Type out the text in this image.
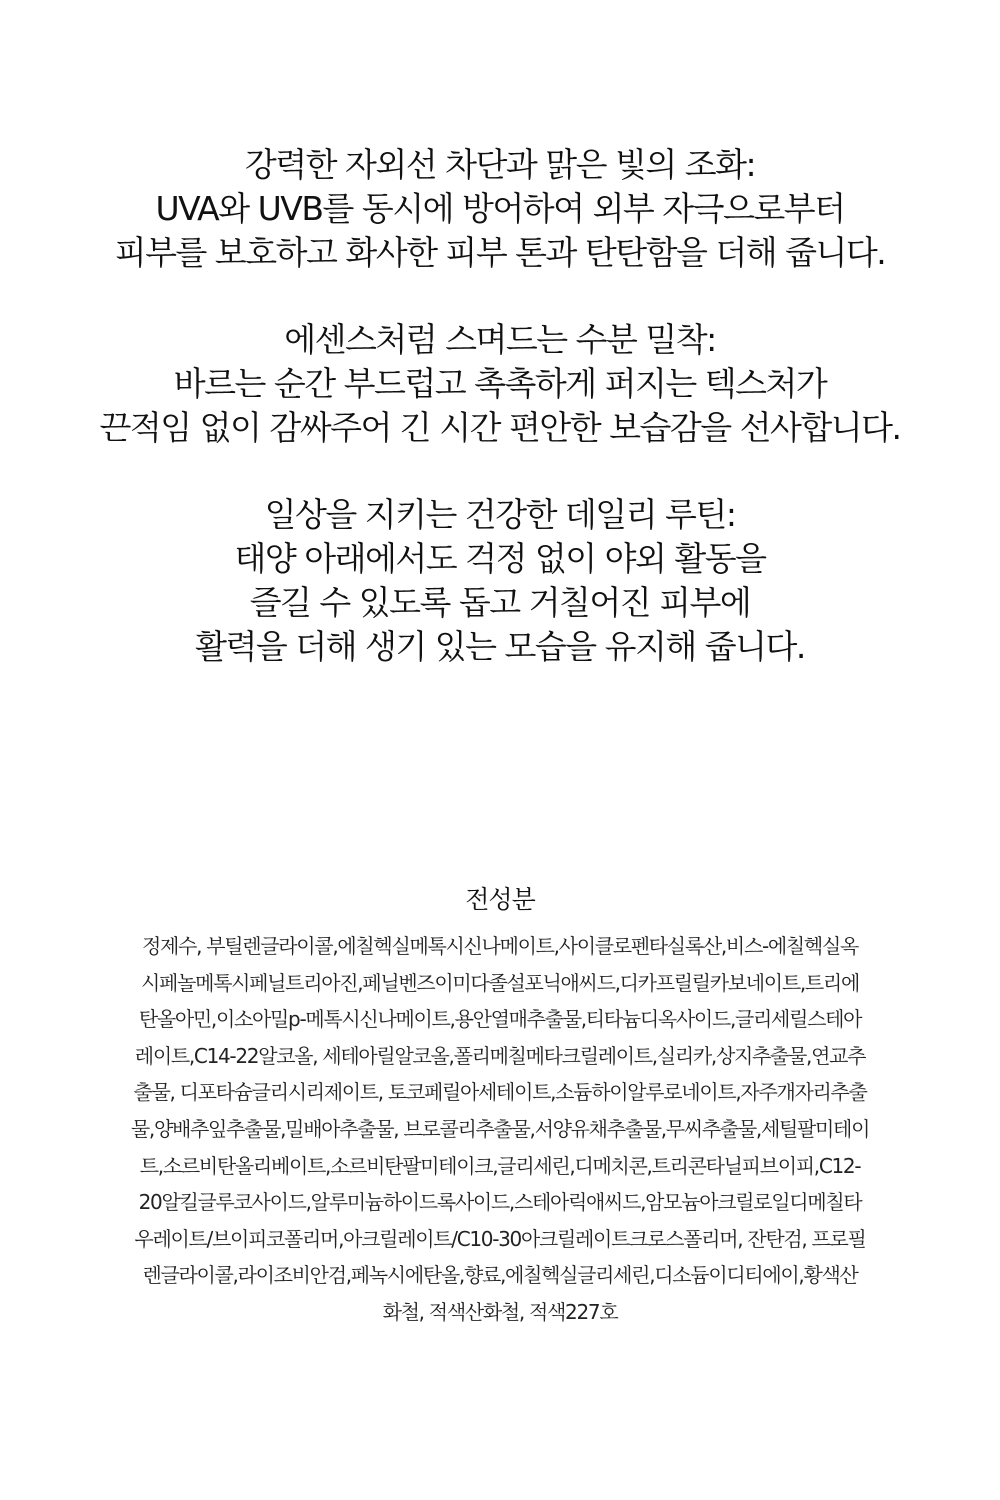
강력한 자외선 차단과 맑은 빛의 조화:
UVA와 UVB를 동시에 방어하여 외부 자극으로부터
피부를 보호하고 화사한 피부 톤과 탄탄함을 더해 줍니다.
에센스처럼 스며드는 수분 밀착:
바르는 순간 부드럽고 촉촉하게 퍼지는 텍스처가
끈적임 없이 감싸주어 긴 시간 편안한 보습감을 선사합니다.
일상을 지키는 건강한 데일리 루틴:
태양 아래에서도 걱정 없이 야외 활동을
즐길 수 있도록 돕고 거칠어진 피부에
활력을 더해 생기 있는 모습을 유지해 줍니다.
전성분
정제수, 부틸렌글라이콜,에칠헥실메톡시신나메이트,사이클로펜타실록산,비스-에칠헥실옥
시페놀메톡시페닐트리아진,페닐벤즈이미다졸설포닉애씨드,디카프릴릴카보네이트,트리에
탄올아민,이소아밀p-메톡시신나메이트,용안열매추출물,티타늄디옥사이드,글리세릴스테아
레이트,C14-22알코올, 세테아릴알코올,폴리메칠메타크릴레이트,실리카,상지추출물,연교추
출물, 디포타슘글리시리제이트, 토코페릴아세테이트,소듐하이알루로네이트,자주개자리추출
물,양배추잎추출물,밀배아추출물, 브로콜리추출물,서양유채추출물,무씨추출물,세틸팔미테이
트,소르비탄올리베이트,소르비탄팔미테이크,글리세린,디메치콘,트리콘타닐피브이피,C12-
20알킬글루코사이드,알루미늄하이드록사이드,스테아릭애씨드,암모늄아크릴로일디메칠타
우레이트/브이피코폴리머,아크릴레이트/C10-30아크릴레이트크로스폴리머, 잔탄검, 프로필
렌글라이콜,라이조비안검,페녹시에탄올,향료,에칠헥실글리세린,디소듐이디티에이,황색산
화철, 적색산화철, 적색227호
